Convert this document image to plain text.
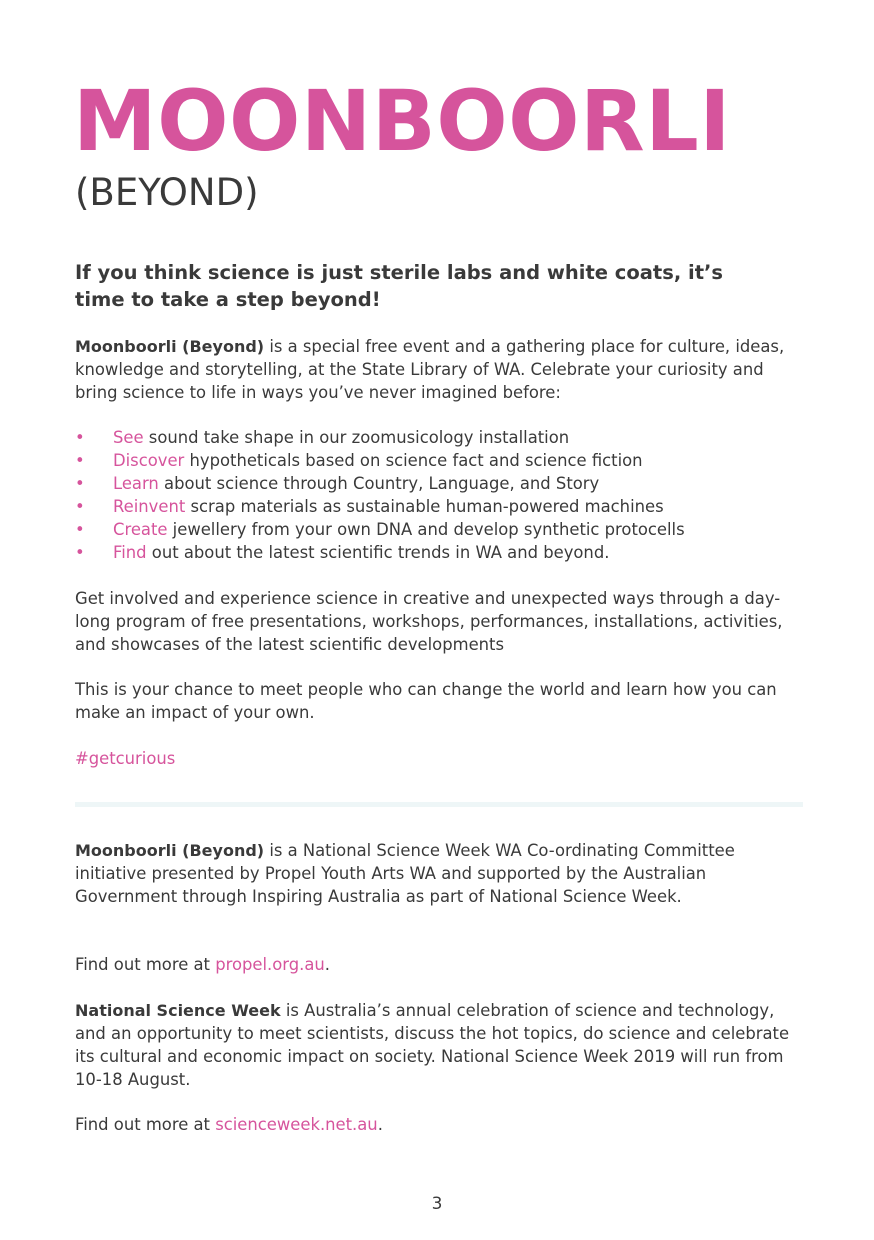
MOONBOORLI
(BEYOND)

If you think science is just sterile labs and white coats, it’s time to take a step beyond!

Moonboorli (Beyond) is a special free event and a gathering place for culture, ideas, knowledge and storytelling, at the State Library of WA. Celebrate your curiosity and bring science to life in ways you’ve never imagined before:

• See sound take shape in our zoomusicology installation
• Discover hypotheticals based on science fact and science fiction
• Learn about science through Country, Language, and Story
• Reinvent scrap materials as sustainable human-powered machines
• Create jewellery from your own DNA and develop synthetic protocells
• Find out about the latest scientific trends in WA and beyond.

Get involved and experience science in creative and unexpected ways through a day-long program of free presentations, workshops, performances, installations, activities, and showcases of the latest scientific developments

This is your chance to meet people who can change the world and learn how you can make an impact of your own.

#getcurious

Moonboorli (Beyond) is a National Science Week WA Co-ordinating Committee initiative presented by Propel Youth Arts WA and supported by the Australian Government through Inspiring Australia as part of National Science Week.

Find out more at propel.org.au.

National Science Week is Australia’s annual celebration of science and technology, and an opportunity to meet scientists, discuss the hot topics, do science and celebrate its cultural and economic impact on society. National Science Week 2019 will run from 10-18 August.

Find out more at scienceweek.net.au.

3
